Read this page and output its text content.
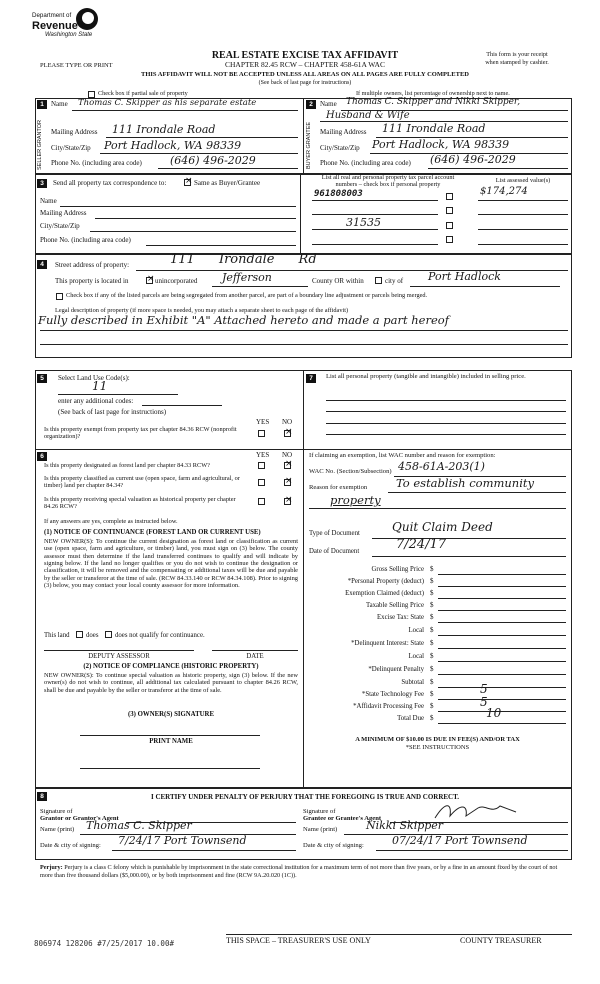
Department of
Revenue
Washington State
PLEASE TYPE OR PRINT
REAL ESTATE EXCISE TAX AFFIDAVIT
CHAPTER 82.45 RCW – CHAPTER 458-61A WAC
THIS AFFIDAVIT WILL NOT BE ACCEPTED UNLESS ALL AREAS ON ALL PAGES ARE FULLY COMPLETED
(See back of last page for instructions)
This form is your receipt
when stamped by cashier.
Check box if partial sale of property	If multiple owners, list percentage of ownership next to name.
1
SELLER GRANTOR
Name Thomas C. Skipper as his separate estate
Mailing Address 111 Irondale Road
City/State/Zip Port Hadlock, WA 98339
Phone No. (including area code)	(646) 496-2029
2
BUYER GRANTEE
Name Thomas C. Skipper and Nikki Skipper,
Husband & Wife
Mailing Address 111 Irondale Road
City/State/Zip Port Hadlock, WA 98339
Phone No. (including area code) (646) 496-2029
3	Send all property tax correspondence to: ×	Same as Buyer/Grantee
Name
Mailing Address
City/State/Zip
Phone No. (including area code)
List all real and personal property tax parcel account
numbers – check box if personal property
List assessed value(s)
961808003	$174,274
31535
4	Street address of property:	111 Irondale Rd
This property is located in ×	unincorporated Jefferson	County OR within	city of Port Hadlock
Check box if any of the listed parcels are being segregated from another parcel, are part of a boundary line adjustment or parcels being merged.
Legal description of property (if more space is needed, you may attach a separate sheet to each page of the affidavit)
Fully described in Exhibit "A" Attached hereto and made a part hereof
5	Select Land Use Code(s):
11
enter any additional codes:
(See back of last page for instructions)
YES NO
Is this property exempt from property tax per chapter 84.36 RCW (nonprofit organization)?
×
6	YES NO
Is this property designated as forest land per chapter 84.33 RCW?
×
Is this property classified as current use (open space, farm and agricultural, or timber) land per chapter 84.34?
×
Is this property receiving special valuation as historical property per chapter 84.26 RCW?
×
If any answers are yes, complete as instructed below.
(1) NOTICE OF CONTINUANCE (FOREST LAND OR CURRENT USE)
NEW OWNER(S): To continue the current designation as forest land or classification as current use (open space, farm and agriculture, or timber) land, you must sign on (3) below. The county assessor must then determine if the land transferred continues to qualify and will indicate by signing below. If the land no longer qualifies or you do not wish to continue the designation or classification, it will be removed and the compensating or additional taxes will be due and payable by the seller or transferor at the time of sale. (RCW 84.33.140 or RCW 84.34.108). Prior to signing (3) below, you may contact your local county assessor for more information.
This land does does not qualify for continuance.
DEPUTY ASSESSOR	DATE
(2) NOTICE OF COMPLIANCE (HISTORIC PROPERTY)
NEW OWNER(S): To continue special valuation as historic property, sign (3) below. If the new owner(s) do not wish to continue, all additional tax calculated pursuant to chapter 84.26 RCW, shall be due and payable by the seller or transferor at the time of sale.
(3) OWNER(S) SIGNATURE
PRINT NAME
7	List all personal property (tangible and intangible) included in selling price.
If claiming an exemption, list WAC number and reason for exemption:
WAC No. (Section/Subsection) 458-61A-203(1)
Reason for exemption	To establish community
property
Type of Document	Quit Claim Deed
Date of Document	7/24/17
Gross Selling Price $
*Personal Property (deduct) $
Exemption Claimed (deduct) $
Taxable Selling Price $
Excise Tax: State $
Local $
*Delinquent Interest: State $
Local $
*Delinquent Penalty $
Subtotal $
*State Technology Fee $	5
*Affidavit Processing Fee $	5
Total Due $	10
A MINIMUM OF $10.00 IS DUE IN FEE(S) AND/OR TAX
*SEE INSTRUCTIONS
8	I CERTIFY UNDER PENALTY OF PERJURY THAT THE FOREGOING IS TRUE AND CORRECT.
Signature of
Grantor or Grantor's Agent
Signature of
Grantee or Grantee's Agent
Name (print) Thomas C. Skipper	Name (print)	Nikki Skipper
Date & city of signing: 7/24/17 Port Townsend	Date & city of signing:	07/24/17 Port Townsend
Perjury: Perjury is a class C felony which is punishable by imprisonment in the state correctional institution for a maximum term of not more than five years, or by a fine in an amount fixed by the court of not more than five thousand dollars ($5,000.00), or by both imprisonment and fine (RCW 9A.20.020 (1C)).
806974 128206 #7/25/2017 10.00#	THIS SPACE – TREASURER'S USE ONLY	COUNTY TREASURER
